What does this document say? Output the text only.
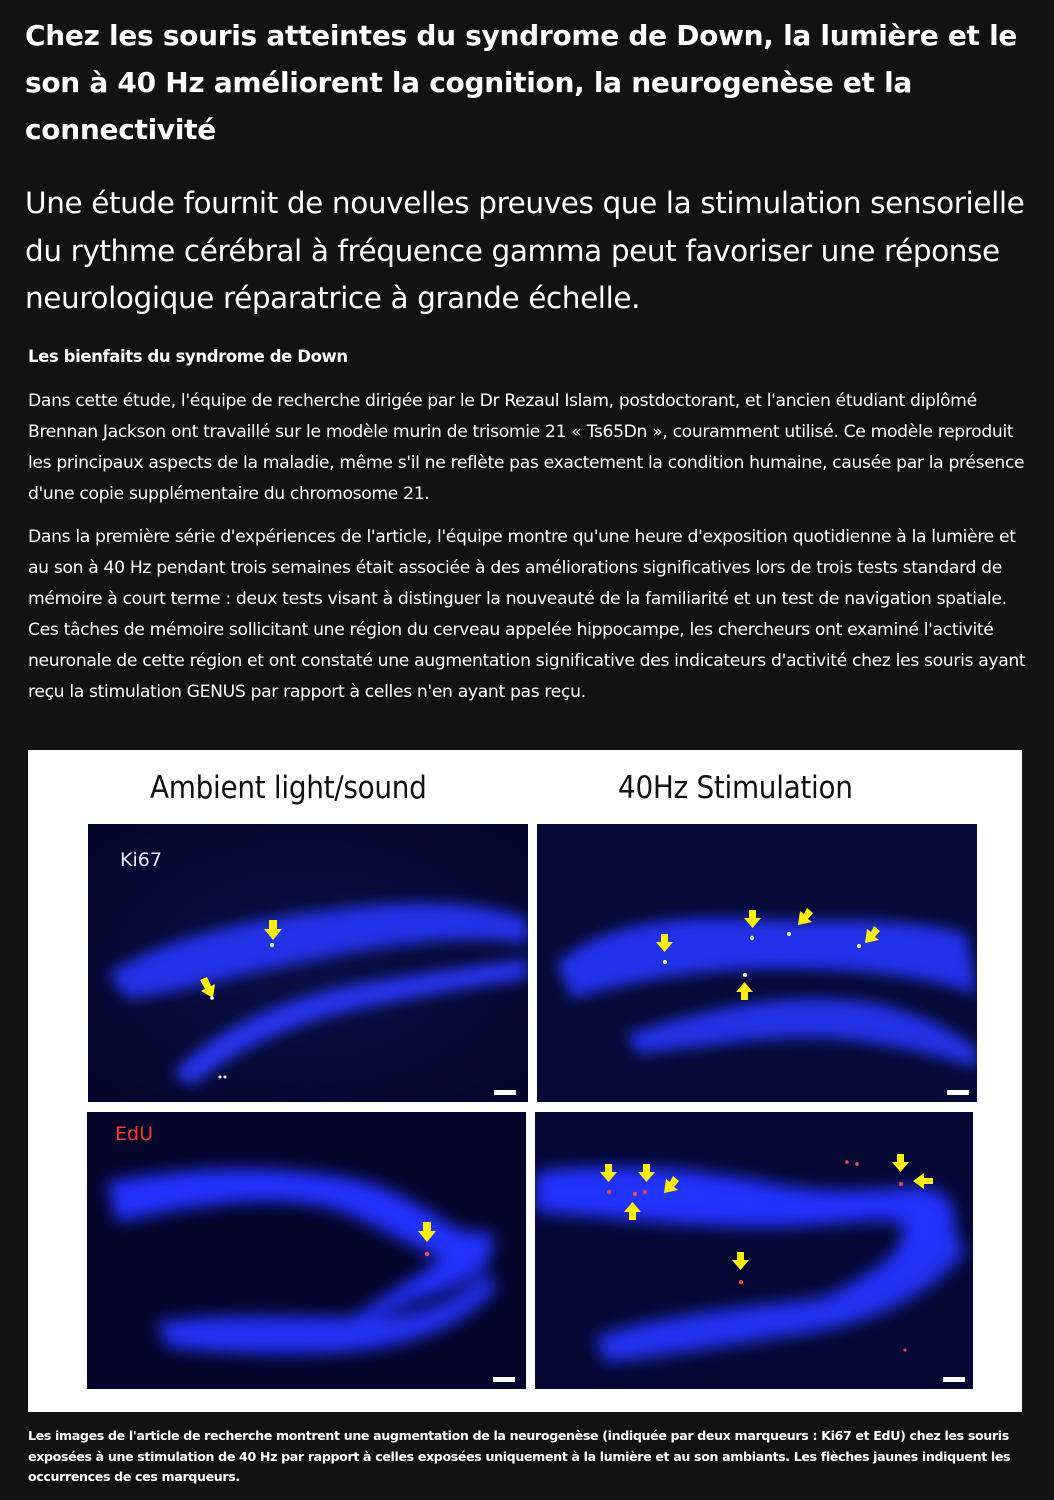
Chez les souris atteintes du syndrome de Down, la lumière et le son à 40 Hz améliorent la cognition, la neurogenèse et la connectivité
Une étude fournit de nouvelles preuves que la stimulation sensorielle du rythme cérébral à fréquence gamma peut favoriser une réponse neurologique réparatrice à grande échelle.
Les bienfaits du syndrome de Down

Dans cette étude, l'équipe de recherche dirigée par le Dr Rezaul Islam, postdoctorant, et l'ancien étudiant diplômé Brennan Jackson ont travaillé sur le modèle murin de trisomie 21 « Ts65Dn », couramment utilisé. Ce modèle reproduit les principaux aspects de la maladie, même s'il ne reflète pas exactement la condition humaine, causée par la présence d'une copie supplémentaire du chromosome 21.

Dans la première série d'expériences de l'article, l'équipe montre qu'une heure d'exposition quotidienne à la lumière et au son à 40 Hz pendant trois semaines était associée à des améliorations significatives lors de trois tests standard de mémoire à court terme : deux tests visant à distinguer la nouveauté de la familiarité et un test de navigation spatiale. Ces tâches de mémoire sollicitant une région du cerveau appelée hippocampe, les chercheurs ont examiné l'activité neuronale de cette région et ont constaté une augmentation significative des indicateurs d'activité chez les souris ayant reçu la stimulation GENUS par rapport à celles n'en ayant pas reçu.

Ambient light/sound	40Hz Stimulation
Ki67
EdU

Les images de l'article de recherche montrent une augmentation de la neurogenèse (indiquée par deux marqueurs : Ki67 et EdU) chez les souris exposées à une stimulation de 40 Hz par rapport à celles exposées uniquement à la lumière et au son ambiants. Les flèches jaunes indiquent les occurrences de ces marqueurs.
